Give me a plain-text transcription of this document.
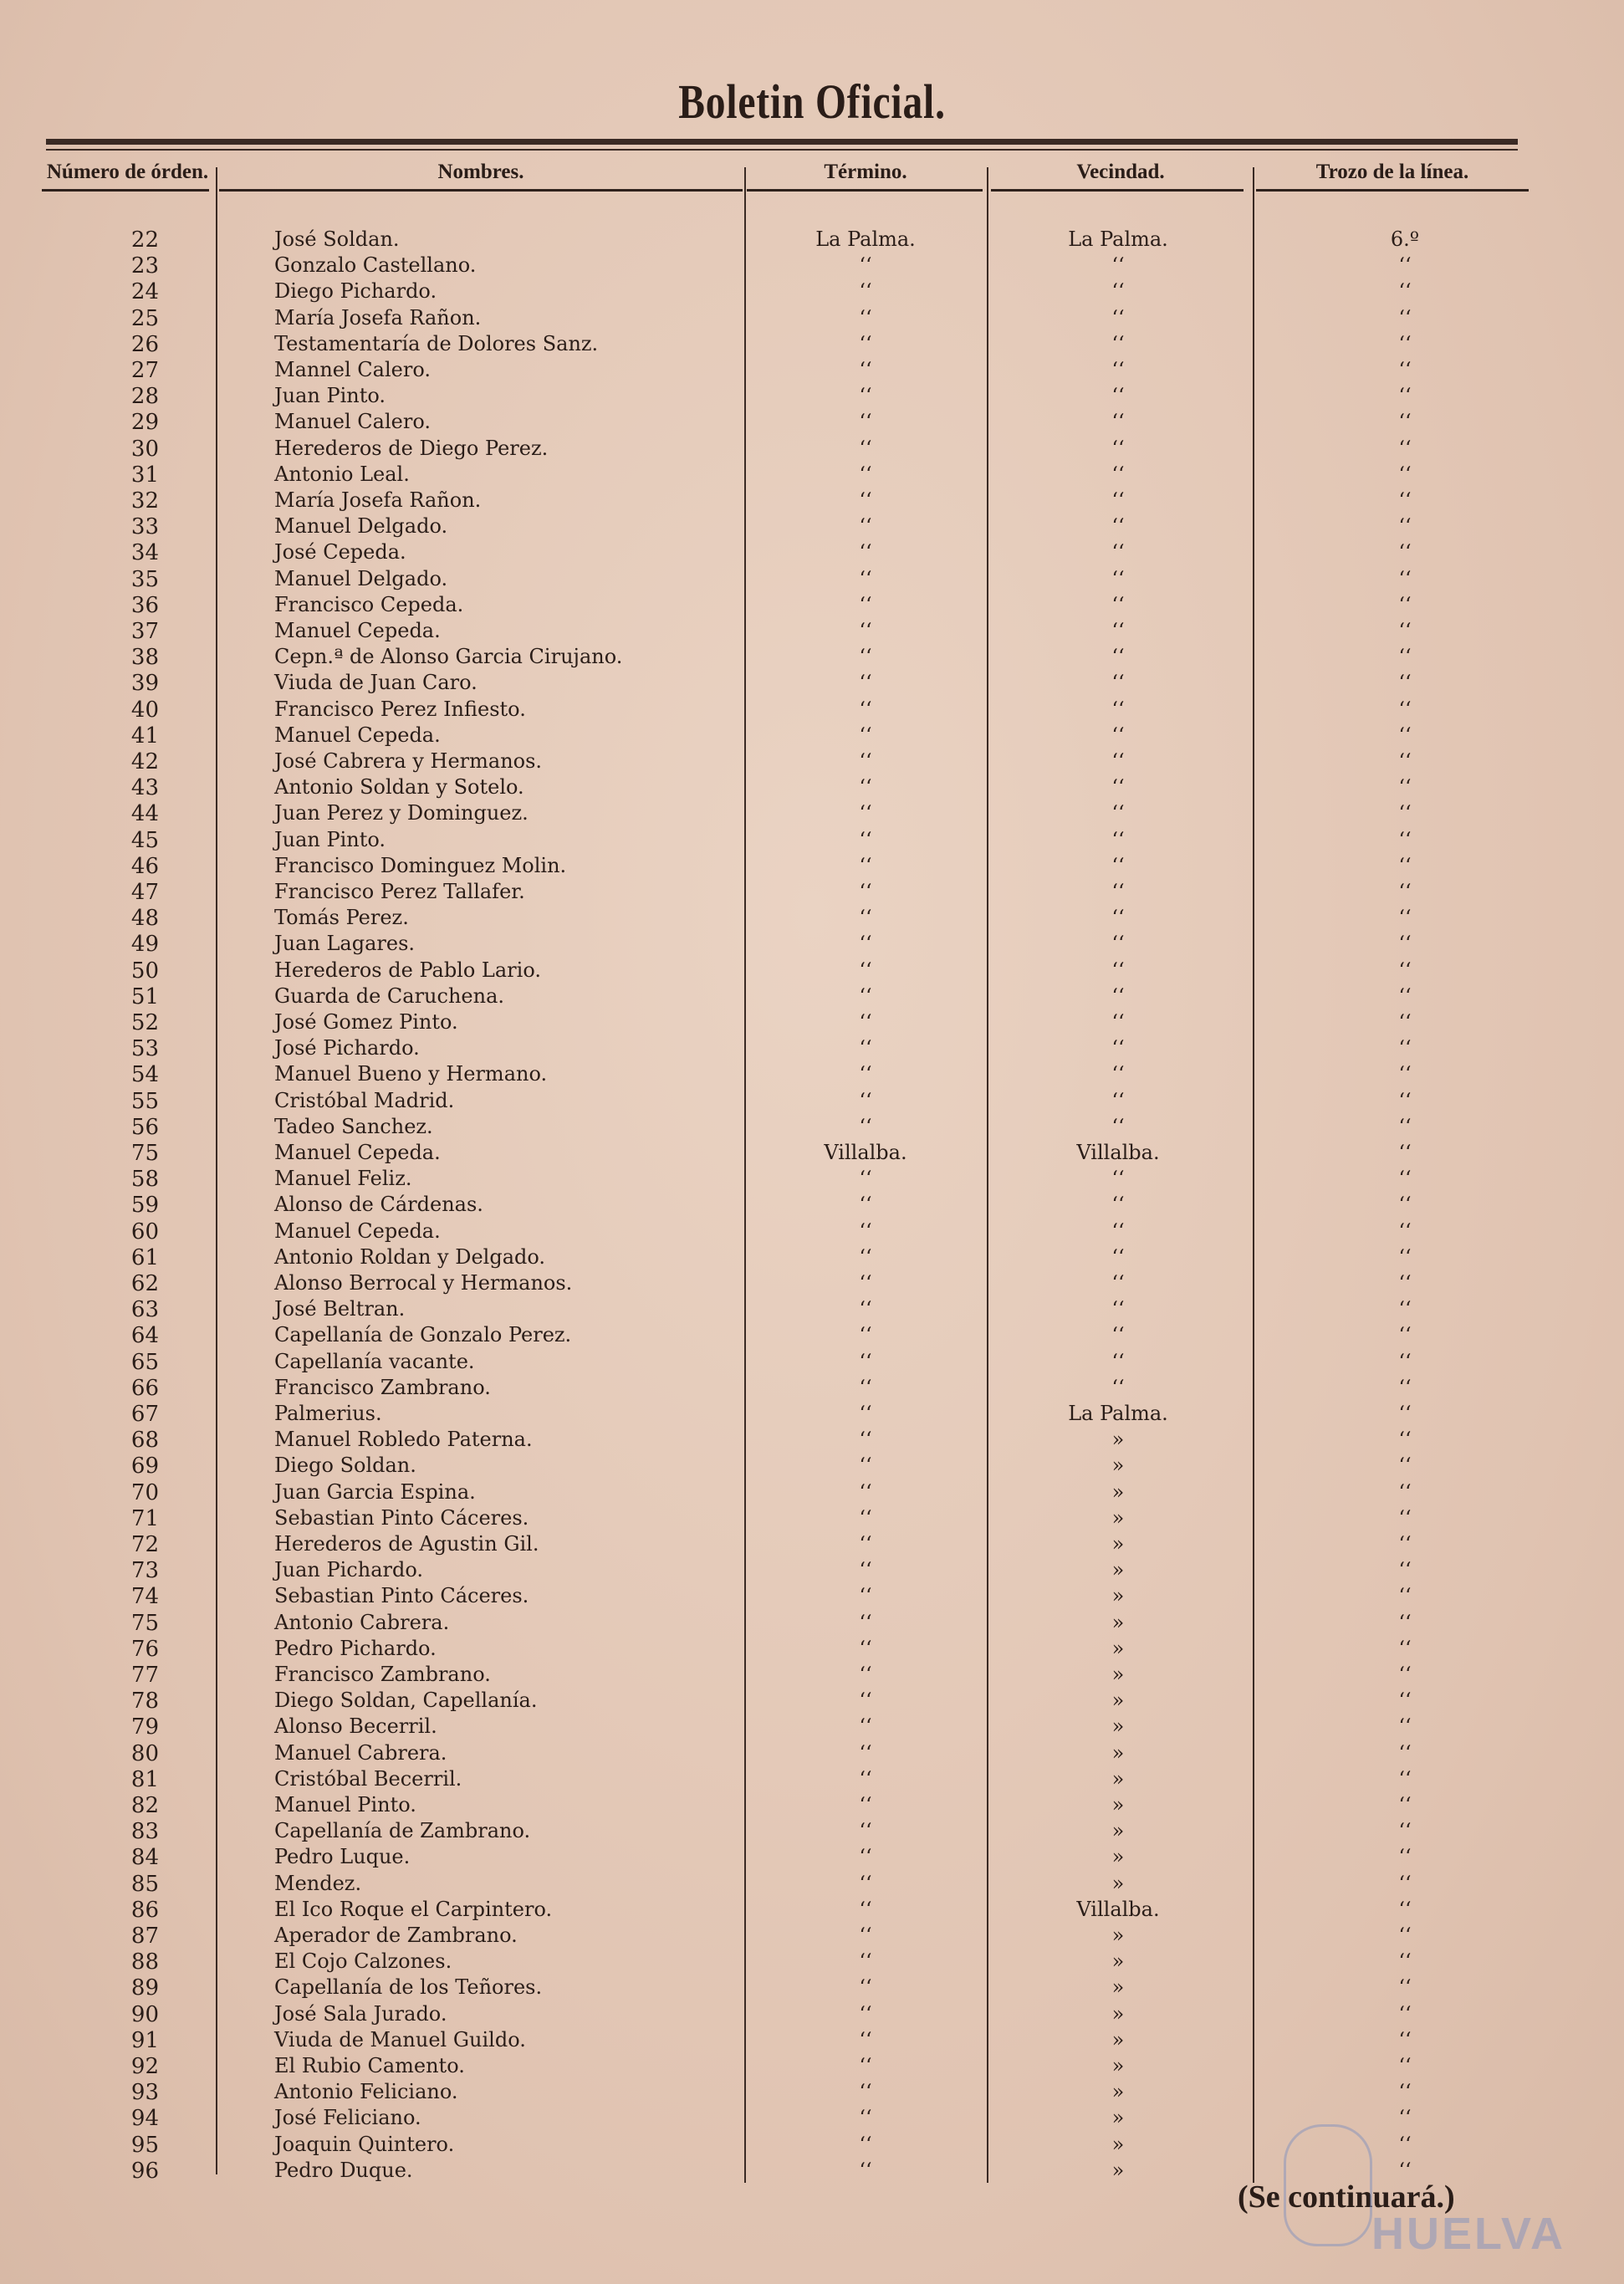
Boletin Oficial.
Número de órden.	Nombres.	Término.	Vecindad.	Trozo de la línea.
22	José Soldan.	La Palma.	La Palma.	6.º
23	Gonzalo Castellano.	‘‘	‘‘	‘‘
24	Diego Pichardo.	‘‘	‘‘	‘‘
25	María Josefa Rañon.	‘‘	‘‘	‘‘
26	Testamentaría de Dolores Sanz.	‘‘	‘‘	‘‘
27	Mannel Calero.	‘‘	‘‘	‘‘
28	Juan Pinto.	‘‘	‘‘	‘‘
29	Manuel Calero.	‘‘	‘‘	‘‘
30	Herederos de Diego Perez.	‘‘	‘‘	‘‘
31	Antonio Leal.	‘‘	‘‘	‘‘
32	María Josefa Rañon.	‘‘	‘‘	‘‘
33	Manuel Delgado.	‘‘	‘‘	‘‘
34	José Cepeda.	‘‘	‘‘	‘‘
35	Manuel Delgado.	‘‘	‘‘	‘‘
36	Francisco Cepeda.	‘‘	‘‘	‘‘
37	Manuel Cepeda.	‘‘	‘‘	‘‘
38	Cepn.ª de Alonso Garcia Cirujano.	‘‘	‘‘	‘‘
39	Viuda de Juan Caro.	‘‘	‘‘	‘‘
40	Francisco Perez Infiesto.	‘‘	‘‘	‘‘
41	Manuel Cepeda.	‘‘	‘‘	‘‘
42	José Cabrera y Hermanos.	‘‘	‘‘	‘‘
43	Antonio Soldan y Sotelo.	‘‘	‘‘	‘‘
44	Juan Perez y Dominguez.	‘‘	‘‘	‘‘
45	Juan Pinto.	‘‘	‘‘	‘‘
46	Francisco Dominguez Molin.	‘‘	‘‘	‘‘
47	Francisco Perez Tallafer.	‘‘	‘‘	‘‘
48	Tomás Perez.	‘‘	‘‘	‘‘
49	Juan Lagares.	‘‘	‘‘	‘‘
50	Herederos de Pablo Lario.	‘‘	‘‘	‘‘
51	Guarda de Caruchena.	‘‘	‘‘	‘‘
52	José Gomez Pinto.	‘‘	‘‘	‘‘
53	José Pichardo.	‘‘	‘‘	‘‘
54	Manuel Bueno y Hermano.	‘‘	‘‘	‘‘
55	Cristóbal Madrid.	‘‘	‘‘	‘‘
56	Tadeo Sanchez.	‘‘	‘‘	‘‘
75	Manuel Cepeda.	Villalba.	Villalba.	‘‘
58	Manuel Feliz.	‘‘	‘‘	‘‘
59	Alonso de Cárdenas.	‘‘	‘‘	‘‘
60	Manuel Cepeda.	‘‘	‘‘	‘‘
61	Antonio Roldan y Delgado.	‘‘	‘‘	‘‘
62	Alonso Berrocal y Hermanos.	‘‘	‘‘	‘‘
63	José Beltran.	‘‘	‘‘	‘‘
64	Capellanía de Gonzalo Perez.	‘‘	‘‘	‘‘
65	Capellanía vacante.	‘‘	‘‘	‘‘
66	Francisco Zambrano.	‘‘	‘‘	‘‘
67	Palmerius.	‘‘	La Palma.	‘‘
68	Manuel Robledo Paterna.	‘‘	»	‘‘
69	Diego Soldan.	‘‘	»	‘‘
70	Juan Garcia Espina.	‘‘	»	‘‘
71	Sebastian Pinto Cáceres.	‘‘	»	‘‘
72	Herederos de Agustin Gil.	‘‘	»	‘‘
73	Juan Pichardo.	‘‘	»	‘‘
74	Sebastian Pinto Cáceres.	‘‘	»	‘‘
75	Antonio Cabrera.	‘‘	»	‘‘
76	Pedro Pichardo.	‘‘	»	‘‘
77	Francisco Zambrano.	‘‘	»	‘‘
78	Diego Soldan, Capellanía.	‘‘	»	‘‘
79	Alonso Becerril.	‘‘	»	‘‘
80	Manuel Cabrera.	‘‘	»	‘‘
81	Cristóbal Becerril.	‘‘	»	‘‘
82	Manuel Pinto.	‘‘	»	‘‘
83	Capellanía de Zambrano.	‘‘	»	‘‘
84	Pedro Luque.	‘‘	»	‘‘
85	Mendez.	‘‘	»	‘‘
86	El Ico Roque el Carpintero.	‘‘	Villalba.	‘‘
87	Aperador de Zambrano.	‘‘	»	‘‘
88	El Cojo Calzones.	‘‘	»	‘‘
89	Capellanía de los Teñores.	‘‘	»	‘‘
90	José Sala Jurado.	‘‘	»	‘‘
91	Viuda de Manuel Guildo.	‘‘	»	‘‘
92	El Rubio Camento.	‘‘	»	‘‘
93	Antonio Feliciano.	‘‘	»	‘‘
94	José Feliciano.	‘‘	»	‘‘
95	Joaquin Quintero.	‘‘	»	‘‘
96	Pedro Duque.	‘‘	»	‘‘
(Se continuará.)
HUELVA
